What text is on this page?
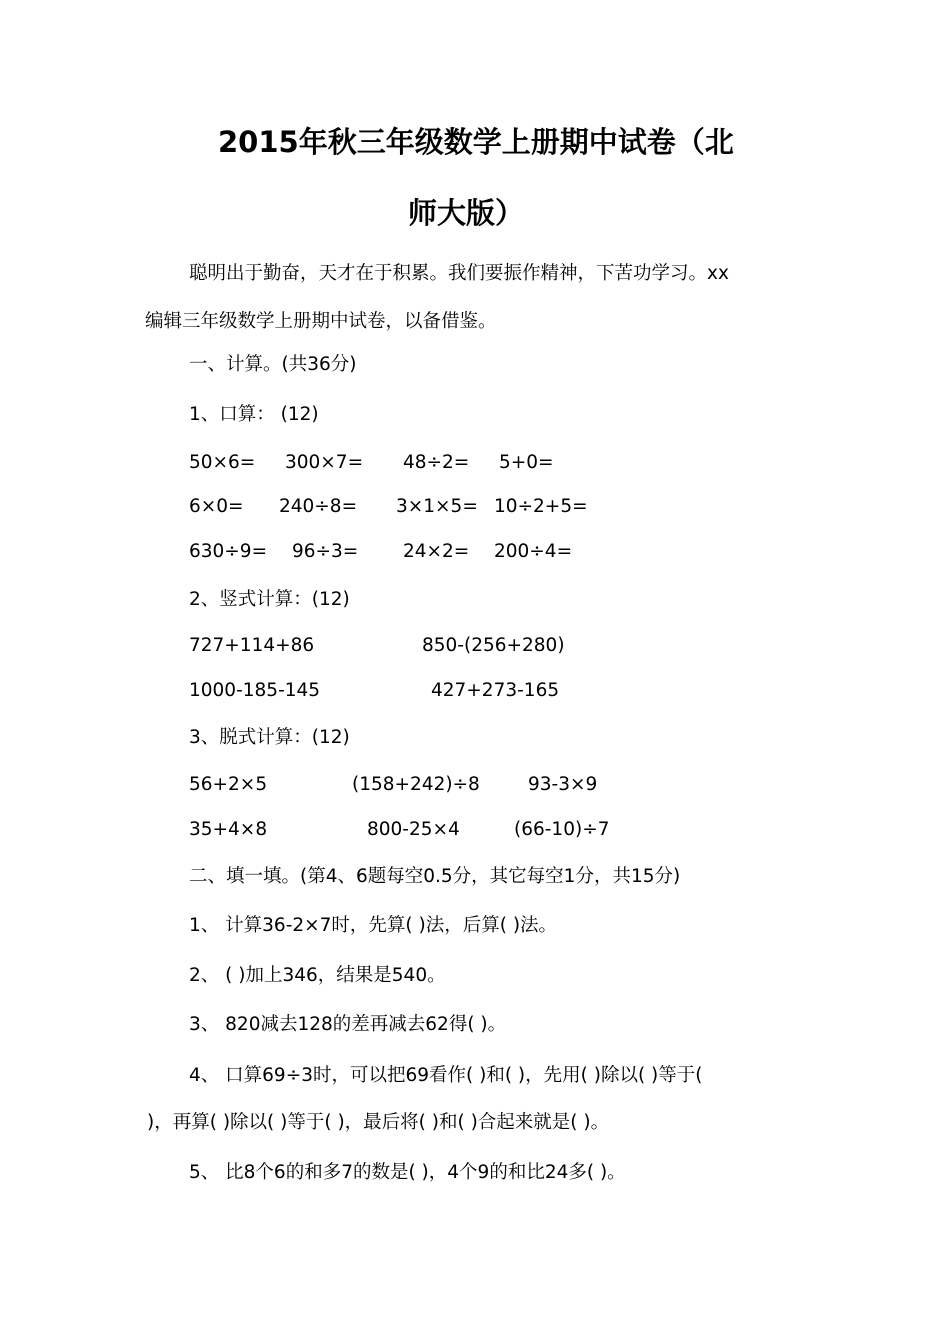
2015年秋三年级数学上册期中试卷（北
师大版）
聪明出于勤奋，天才在于积累。我们要振作精神，下苦功学习。xx
编辑三年级数学上册期中试卷，以备借鉴。
一、计算。(共36分)
1、口算： (12)
50×6= 300×7= 48÷2= 5+0=
6×0= 240÷8= 3×1×5= 10÷2+5=
630÷9= 96÷3= 24×2= 200÷4=
2、竖式计算：(12)
727+114+86	850-(256+280)
1000-185-145	427+273-165
3、脱式计算：(12)
56+2×5	(158+242)÷8	93-3×9
35+4×8	800-25×4	(66-10)÷7
二、填一填。(第4、6题每空0.5分，其它每空1分，共15分)
1、 计算36-2×7时，先算( )法，后算( )法。
2、 ( )加上346，结果是540。
3、 820减去128的差再减去62得( )。
4、 口算69÷3时，可以把69看作( )和( )，先用( )除以( )等于(
)，再算( )除以( )等于( )，最后将( )和( )合起来就是( )。
5、 比8个6的和多7的数是( )，4个9的和比24多( )。
